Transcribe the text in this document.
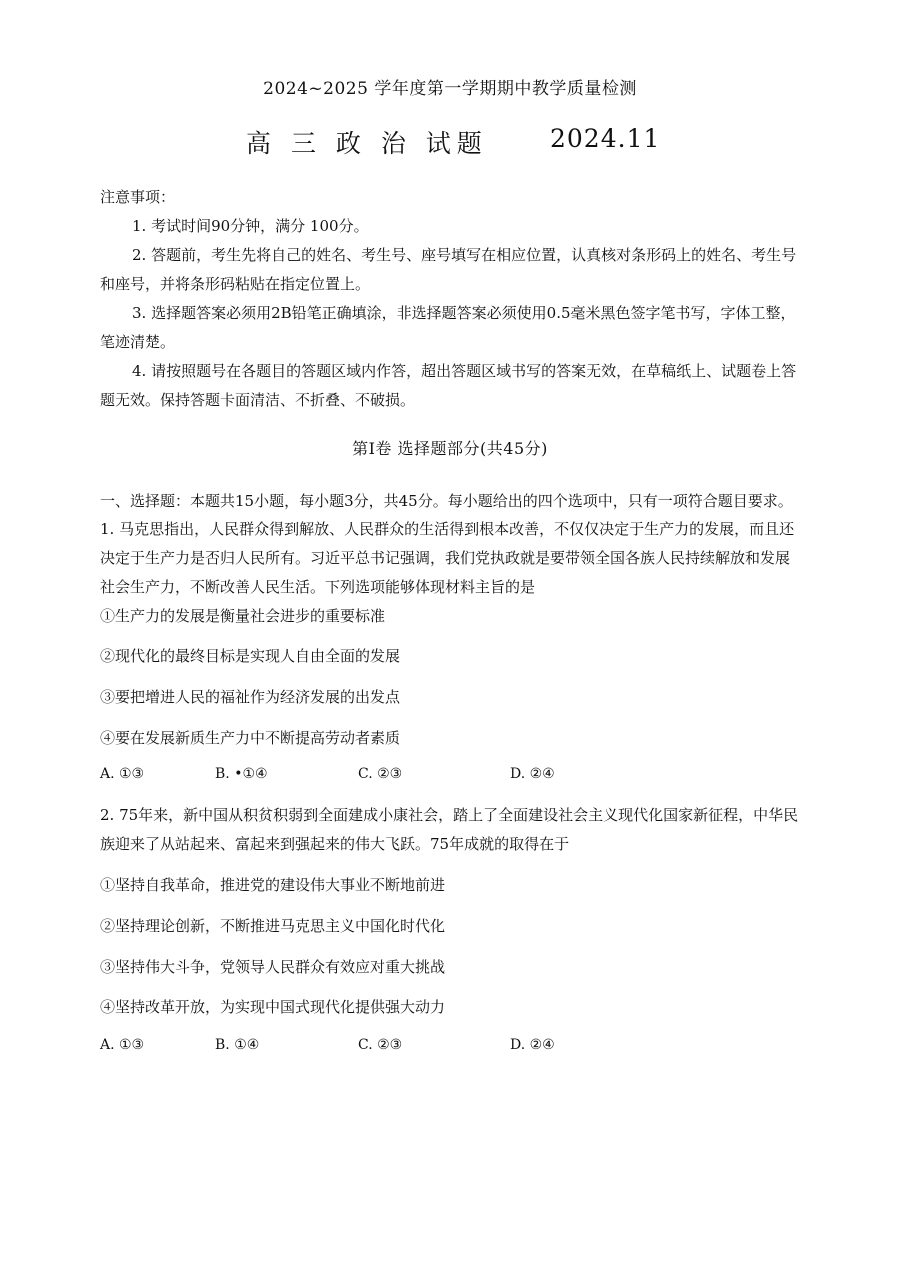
2024~2025 学年度第一学期期中教学质量检测
高 三 政 治 试题 2024.11

注意事项：

1. 考试时间90分钟，满分 100分。

2. 答题前，考生先将自己的姓名、考生号、座号填写在相应位置，认真核对条形码上的姓名、考生号和座号，并将条形码粘贴在指定位置上。

3. 选择题答案必须用2B铅笔正确填涂，非选择题答案必须使用0.5毫米黑色签字笔书写，字体工整，笔迹清楚。

4. 请按照题号在各题目的答题区域内作答，超出答题区域书写的答案无效，在草稿纸上、试题卷上答题无效。保持答题卡面清洁、不折叠、不破损。

第Ⅰ卷 选择题部分(共45分)
一、选择题：本题共15小题，每小题3分，共45分。每小题给出的四个选项中，只有一项符合题目要求。

1. 马克思指出，人民群众得到解放、人民群众的生活得到根本改善，不仅仅决定于生产力的发展，而且还决定于生产力是否归人民所有。习近平总书记强调，我们党执政就是要带领全国各族人民持续解放和发展社会生产力，不断改善人民生活。下列选项能够体现材料主旨的是

①生产力的发展是衡量社会进步的重要标准

②现代化的最终目标是实现人自由全面的发展

③要把增进人民的福祉作为经济发展的出发点

④要在发展新质生产力中不断提高劳动者素质

A. ①③	B. •①④	C. ②③	D. ②④

2. 75年来，新中国从积贫积弱到全面建成小康社会，踏上了全面建设社会主义现代化国家新征程，中华民族迎来了从站起来、富起来到强起来的伟大飞跃。75年成就的取得在于

①坚持自我革命，推进党的建设伟大事业不断地前进

②坚持理论创新，不断推进马克思主义中国化时代化

③坚持伟大斗争，党领导人民群众有效应对重大挑战

④坚持改革开放，为实现中国式现代化提供强大动力

A. ①③	B. ①④	C. ②③	D. ②④
